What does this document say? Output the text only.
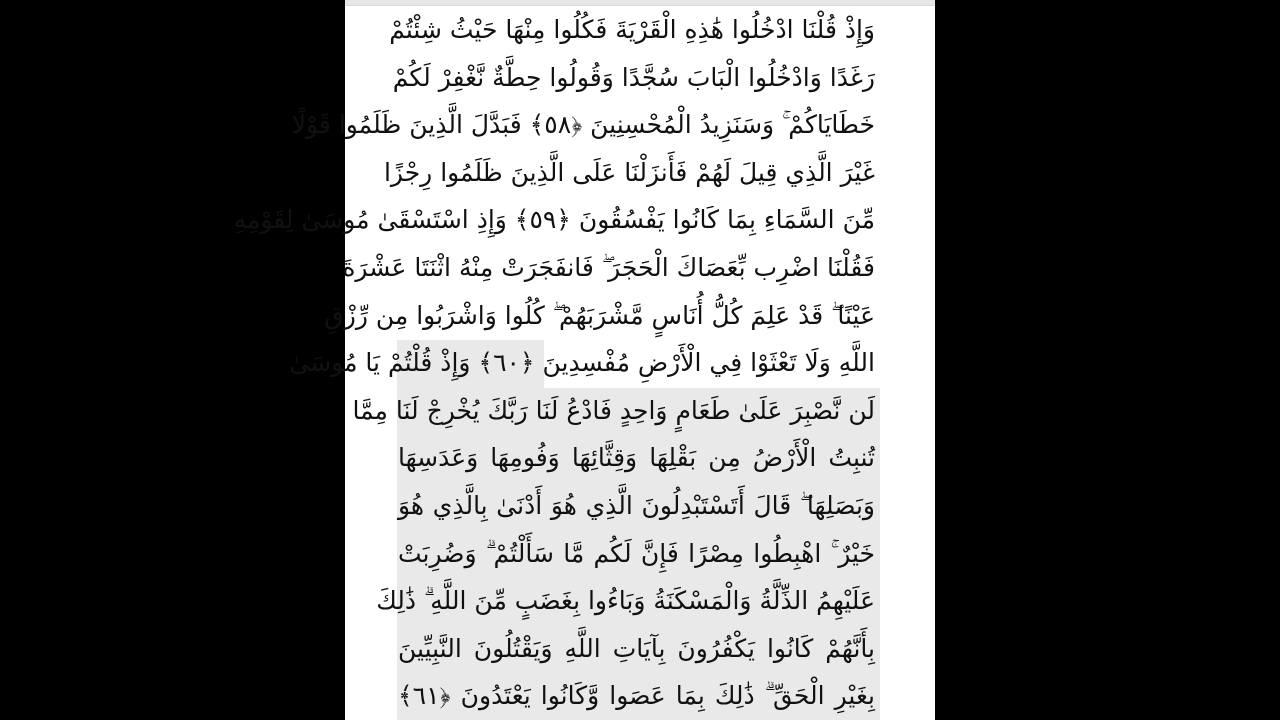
وَإِذْ قُلْنَا ادْخُلُوا هَٰذِهِ الْقَرْيَةَ فَكُلُوا مِنْهَا حَيْثُ شِئْتُمْ
رَغَدًا وَادْخُلُوا الْبَابَ سُجَّدًا وَقُولُوا حِطَّةٌ نَّغْفِرْ لَكُمْ
خَطَايَاكُمْ ۚ وَسَنَزِيدُ الْمُحْسِنِينَ ﴿٥٨﴾ فَبَدَّلَ الَّذِينَ ظَلَمُوا قَوْلًا
غَيْرَ الَّذِي قِيلَ لَهُمْ فَأَنزَلْنَا عَلَى الَّذِينَ ظَلَمُوا رِجْزًا
مِّنَ السَّمَاءِ بِمَا كَانُوا يَفْسُقُونَ ﴿٥٩﴾ وَإِذِ اسْتَسْقَىٰ مُوسَىٰ لِقَوْمِهِ
فَقُلْنَا اضْرِب بِّعَصَاكَ الْحَجَرَ ۖ فَانفَجَرَتْ مِنْهُ اثْنَتَا عَشْرَةَ
عَيْنًا ۖ قَدْ عَلِمَ كُلُّ أُنَاسٍ مَّشْرَبَهُمْ ۖ كُلُوا وَاشْرَبُوا مِن رِّزْقِ
اللَّهِ وَلَا تَعْثَوْا فِي الْأَرْضِ مُفْسِدِينَ ﴿٦٠﴾ وَإِذْ قُلْتُمْ يَا مُوسَىٰ
لَن نَّصْبِرَ عَلَىٰ طَعَامٍ وَاحِدٍ فَادْعُ لَنَا رَبَّكَ يُخْرِجْ لَنَا مِمَّا
تُنبِتُ الْأَرْضُ مِن بَقْلِهَا وَقِثَّائِهَا وَفُومِهَا وَعَدَسِهَا
وَبَصَلِهَا ۖ قَالَ أَتَسْتَبْدِلُونَ الَّذِي هُوَ أَدْنَىٰ بِالَّذِي هُوَ
خَيْرٌ ۚ اهْبِطُوا مِصْرًا فَإِنَّ لَكُم مَّا سَأَلْتُمْ ۗ وَضُرِبَتْ
عَلَيْهِمُ الذِّلَّةُ وَالْمَسْكَنَةُ وَبَاءُوا بِغَضَبٍ مِّنَ اللَّهِ ۗ ذَٰلِكَ
بِأَنَّهُمْ كَانُوا يَكْفُرُونَ بِآيَاتِ اللَّهِ وَيَقْتُلُونَ النَّبِيِّينَ
بِغَيْرِ الْحَقِّ ۗ ذَٰلِكَ بِمَا عَصَوا وَّكَانُوا يَعْتَدُونَ ﴿٦١﴾
